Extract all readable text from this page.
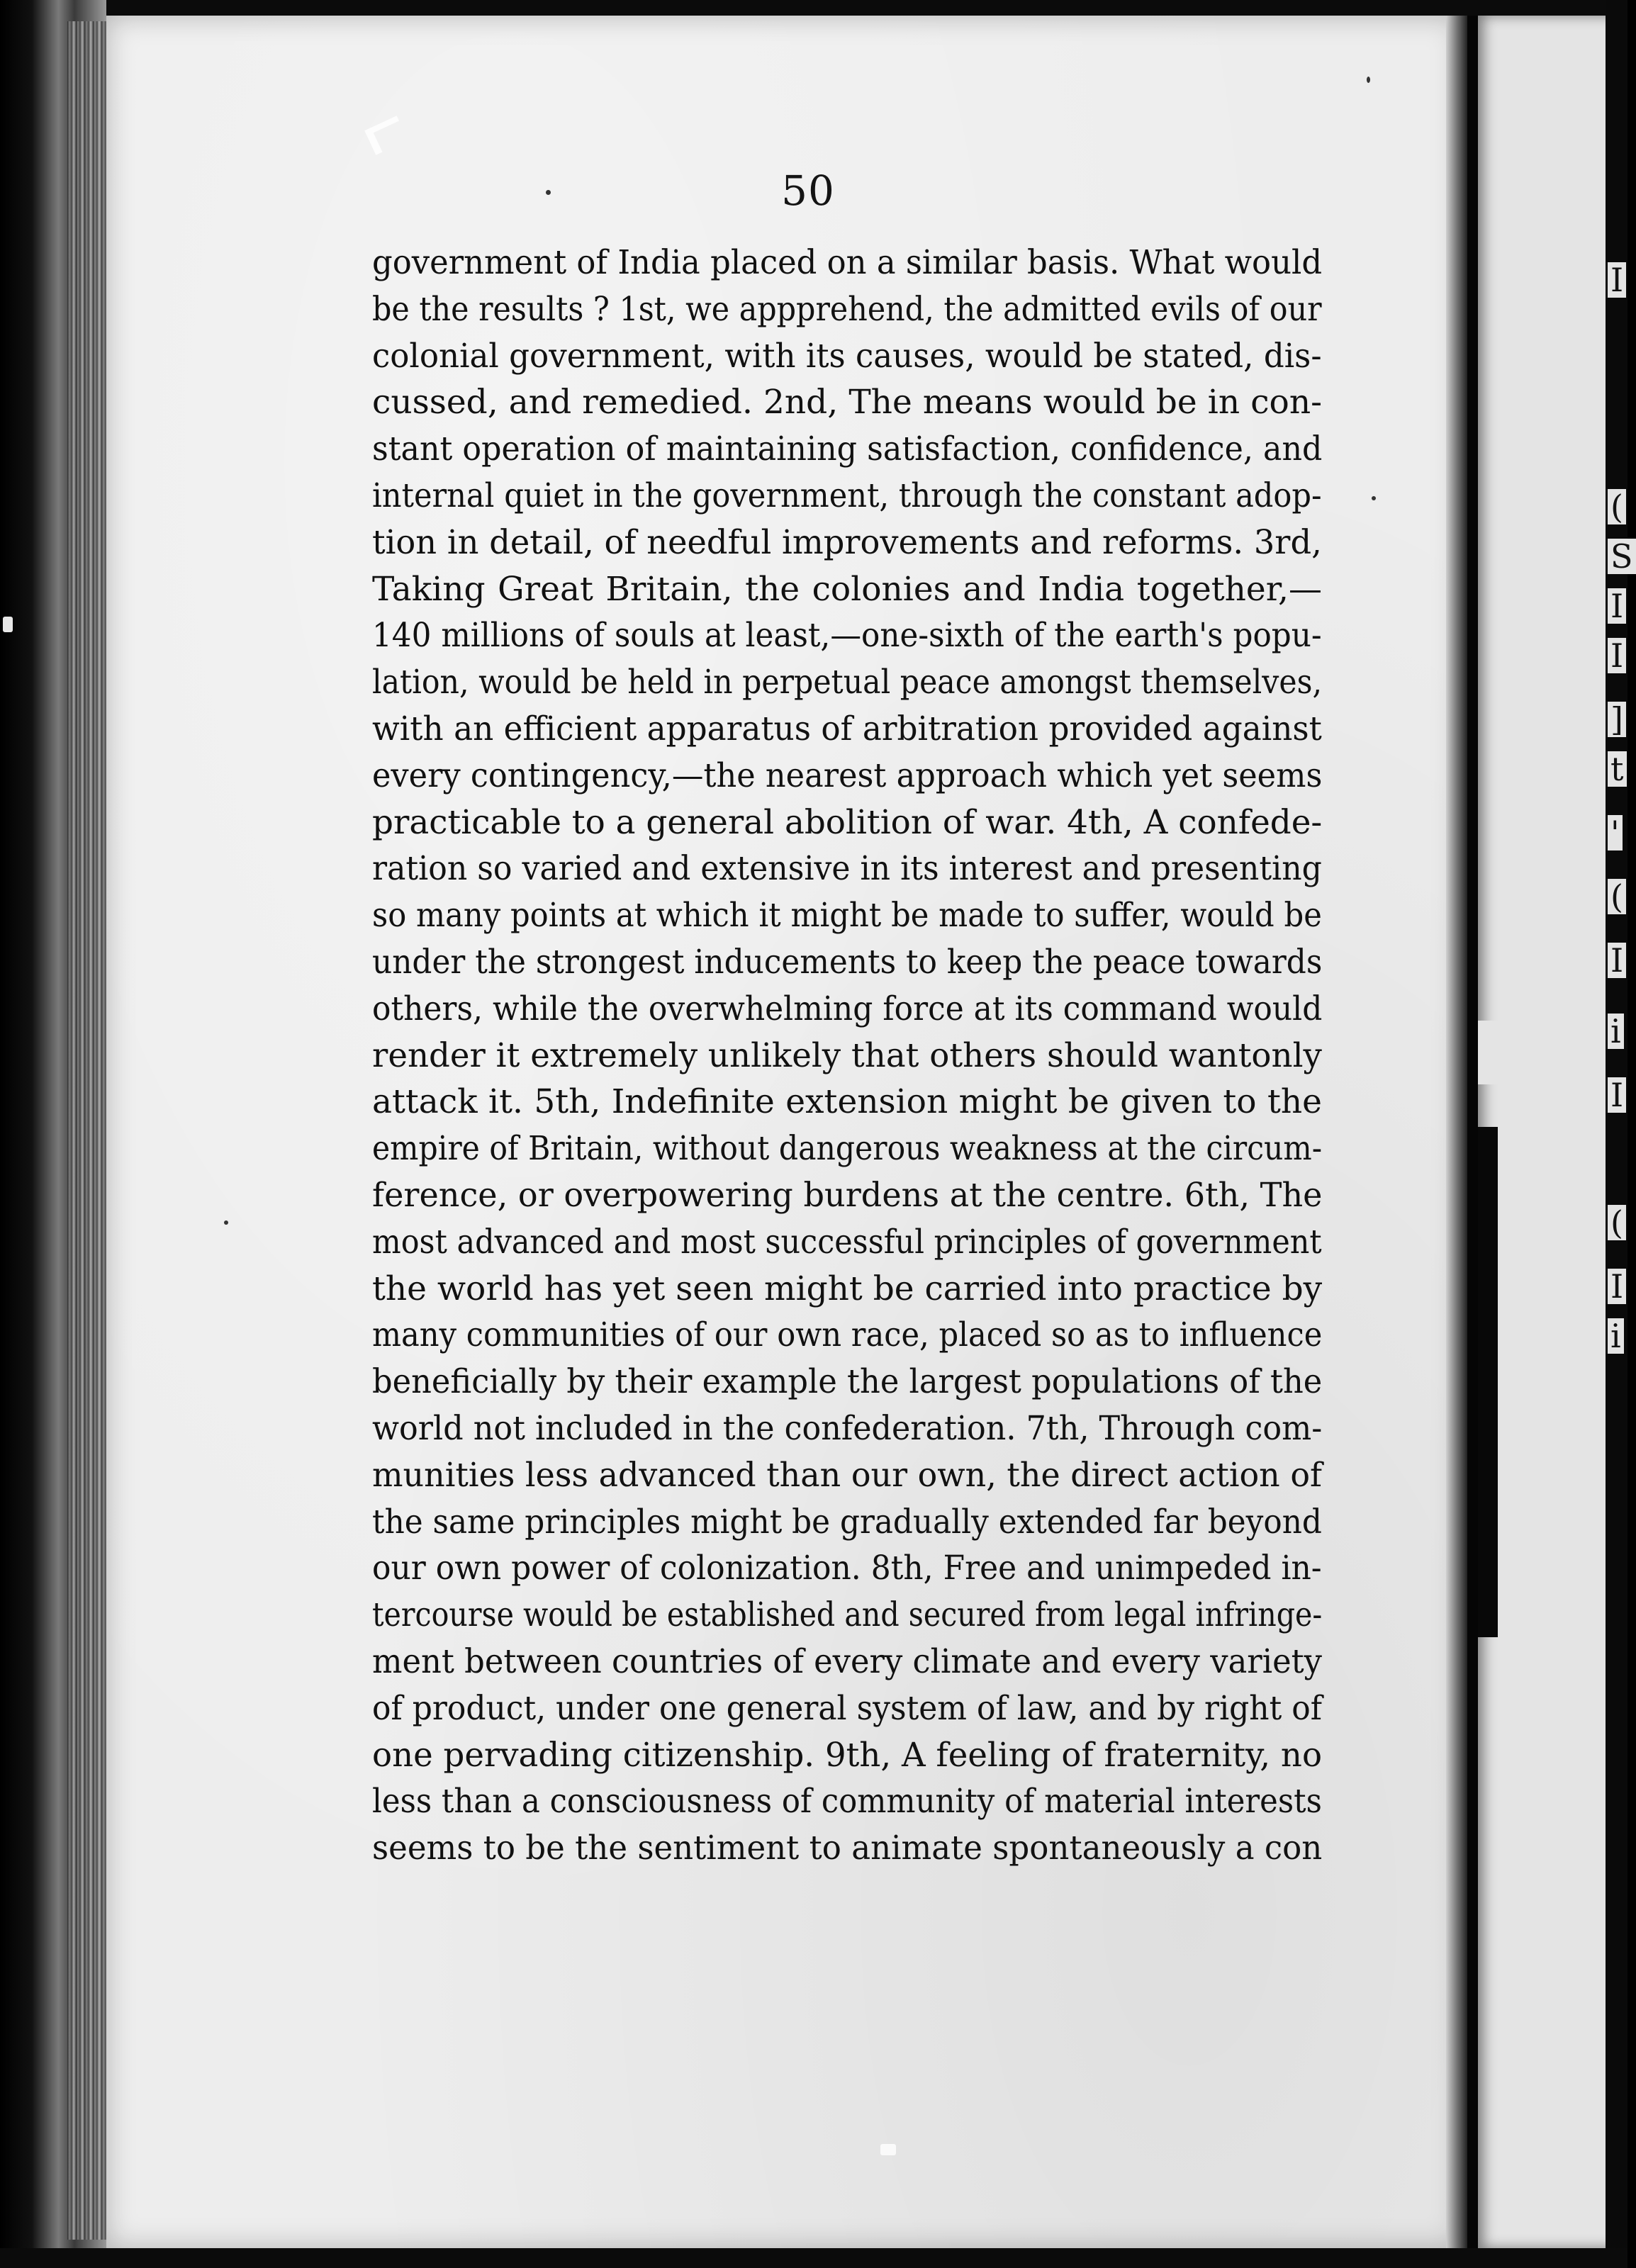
I
(
S
I
I
]
t
'
(
I
i
I
(
I
i
50
government of India placed on a similar basis. What would
be the results ? 1st, we appprehend, the admitted evils of our
colonial government, with its causes, would be stated, dis-
cussed, and remedied. 2nd, The means would be in con-
stant operation of maintaining satisfaction, confidence, and
internal quiet in the government, through the constant adop-
tion in detail, of needful improvements and reforms. 3rd,
Taking Great Britain, the colonies and India together,—
140 millions of souls at least,—one-sixth of the earth's popu-
lation, would be held in perpetual peace amongst themselves,
with an efficient apparatus of arbitration provided against
every contingency,—the nearest approach which yet seems
practicable to a general abolition of war. 4th, A confede-
ration so varied and extensive in its interest and presenting
so many points at which it might be made to suffer, would be
under the strongest inducements to keep the peace towards
others, while the overwhelming force at its command would
render it extremely unlikely that others should wantonly
attack it. 5th, Indefinite extension might be given to the
empire of Britain, without dangerous weakness at the circum-
ference, or overpowering burdens at the centre. 6th, The
most advanced and most successful principles of government
the world has yet seen might be carried into practice by
many communities of our own race, placed so as to influence
beneficially by their example the largest populations of the
world not included in the confederation. 7th, Through com-
munities less advanced than our own, the direct action of
the same principles might be gradually extended far beyond
our own power of colonization. 8th, Free and unimpeded in-
tercourse would be established and secured from legal infringe-
ment between countries of every climate and every variety
of product, under one general system of law, and by right of
one pervading citizenship. 9th, A feeling of fraternity, no
less than a consciousness of community of material interests
seems to be the sentiment to animate spontaneously a con
